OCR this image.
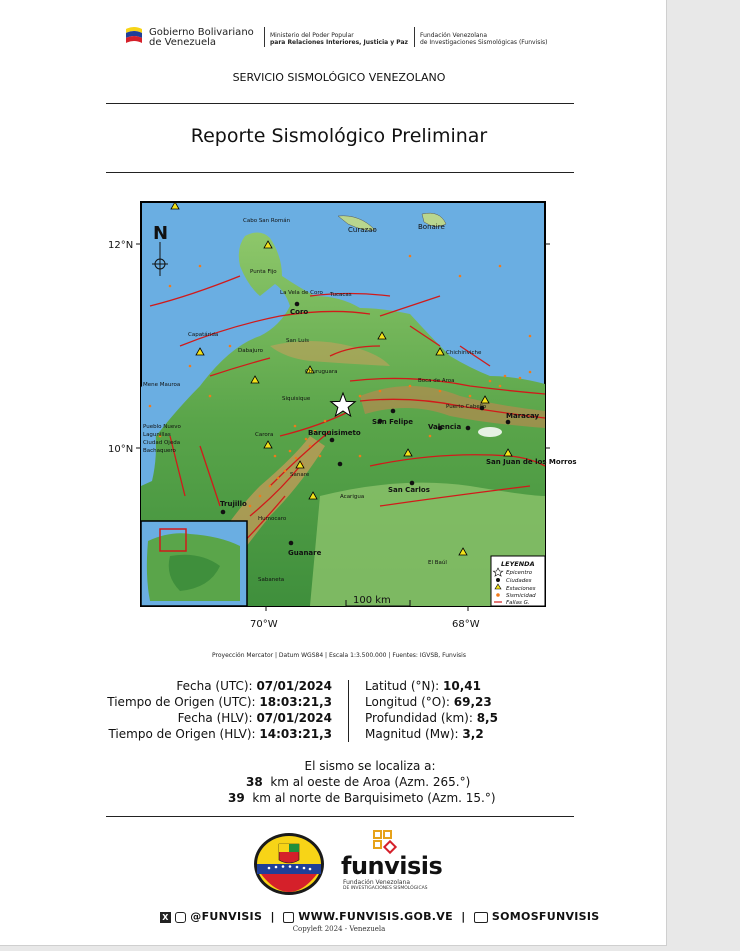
Gobierno Bolivariano
de Venezuela
Ministerio del Poder Popular
para Relaciones Interiores, Justicia y Paz
Fundación Venezolana
de Investigaciones Sismológicas (Funvisis)
SERVICIO SISMOLÓGICO VENEZOLANO
Reporte Sismológico Preliminar
Curazao	Bonaire
Cabo San Román
Punta Fijo
La Vela de Coro
Coro
Tucacas
Capatárida
San Luis
Chichiriviche
Boca de Aroa
Puerto Cabello
Maracay
Valencia
San Felipe
Barquisimeto
Carora
Sanare
Acarigua
San Carlos
Guanare
Trujillo
Sabaneta
El Baúl
San Juan de los Morros
Siquisique
Churuguara
Dabajuro
Pueblo Nuevo
Bachaquero
Lagunillas
Ciudad Ojeda
Mene Mauroa
Humocaro
N
LEYENDA
Epicentro
Ciudades
Estaciones
Sismicidad
Fallas G.
100 km
12°N
10°N
70°W	68°W
Proyección Mercator | Datum WGS84 | Escala 1:3.500.000 | Fuentes: IGVSB, Funvisis
Fecha (UTC): 07/01/2024
Tiempo de Origen (UTC): 18:03:21,3
Fecha (HLV): 07/01/2024
Tiempo de Origen (HLV): 14:03:21,3
Latitud (°N): 10,41
Longitud (°O): 69,23
Profundidad (km): 8,5
Magnitud (Mw): 3,2
El sismo se localiza a:
38 km al oeste de Aroa (Azm. 265.°)
39 km al norte de Barquisimeto (Azm. 15.°)
funvisis
Fundación Venezolana
DE INVESTIGACIONES SISMOLÓGICAS
X @FUNVISIS | WWW.FUNVISIS.GOB.VE | SOMOSFUNVISIS
Copyleft 2024 - Venezuela
